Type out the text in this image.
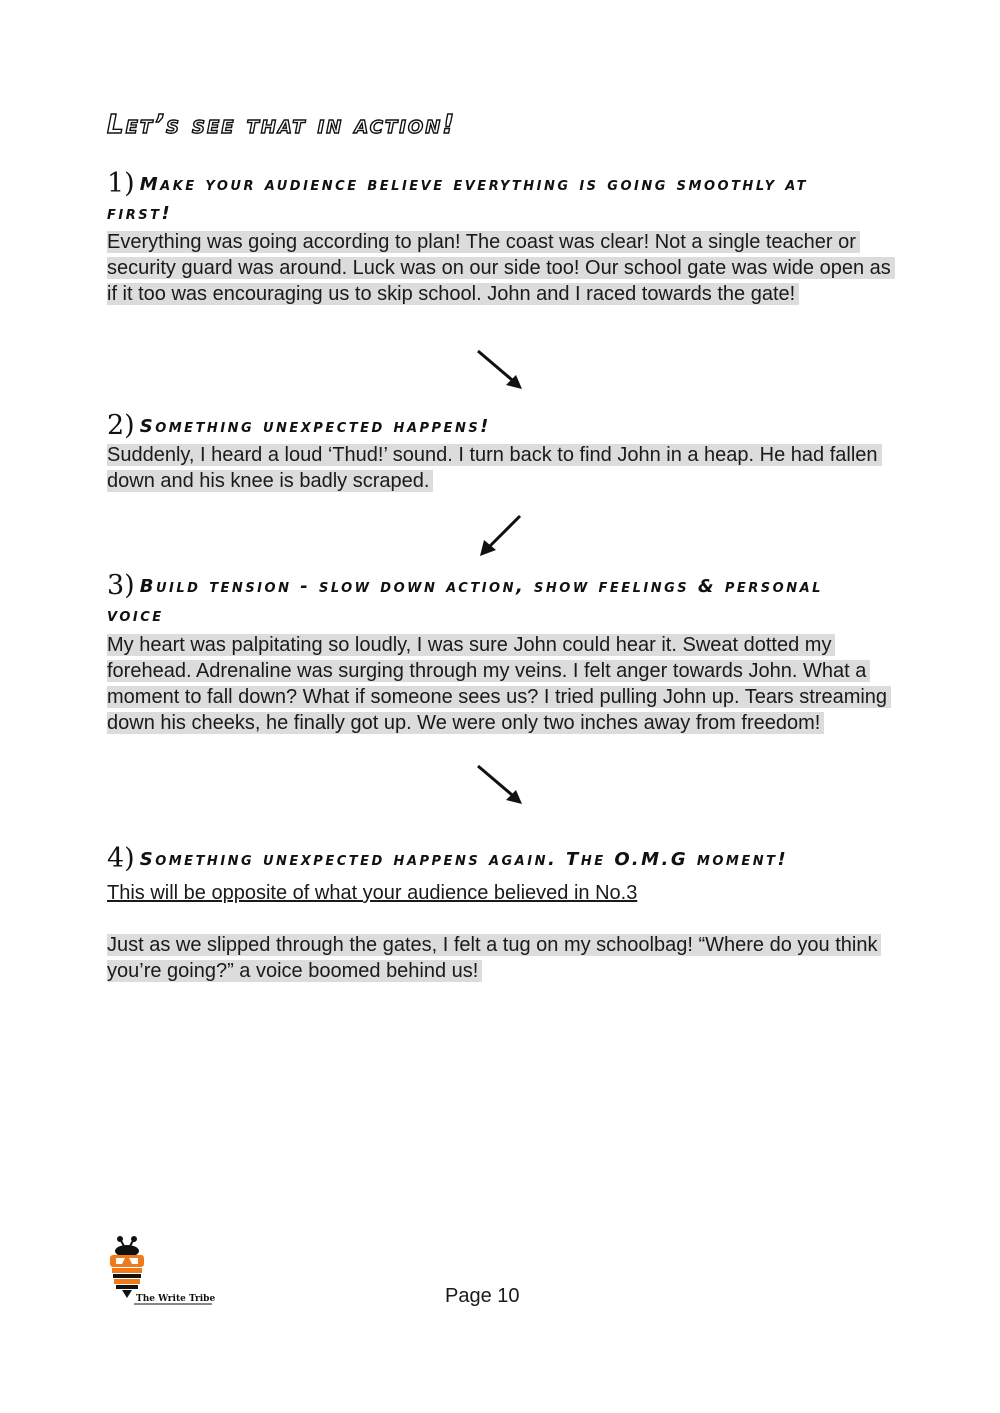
Let’s see that in action!
1) Make your audience believe everything is going smoothly at first!
Everything was going according to plan! The coast was clear! Not a single teacher or security guard was around. Luck was on our side too! Our school gate was wide open as if it too was encouraging us to skip school. John and I raced towards the gate!
2) Something unexpected happens!
Suddenly, I heard a loud ‘Thud!’ sound. I turn back to find John in a heap. He had fallen down and his knee is badly scraped.
3) Build tension - slow down action, show feelings & personal voice
My heart was palpitating so loudly, I was sure John could hear it. Sweat dotted my forehead. Adrenaline was surging through my veins. I felt anger towards John. What a moment to fall down? What if someone sees us? I tried pulling John up. Tears streaming down his cheeks, he finally got up. We were only two inches away from freedom!
4) Something unexpected happens again. The O.M.G moment!
This will be opposite of what your audience believed in No.3
Just as we slipped through the gates, I felt a tug on my schoolbag! “Where do you think you’re going?” a voice boomed behind us!
The Write Tribe	Page 10
